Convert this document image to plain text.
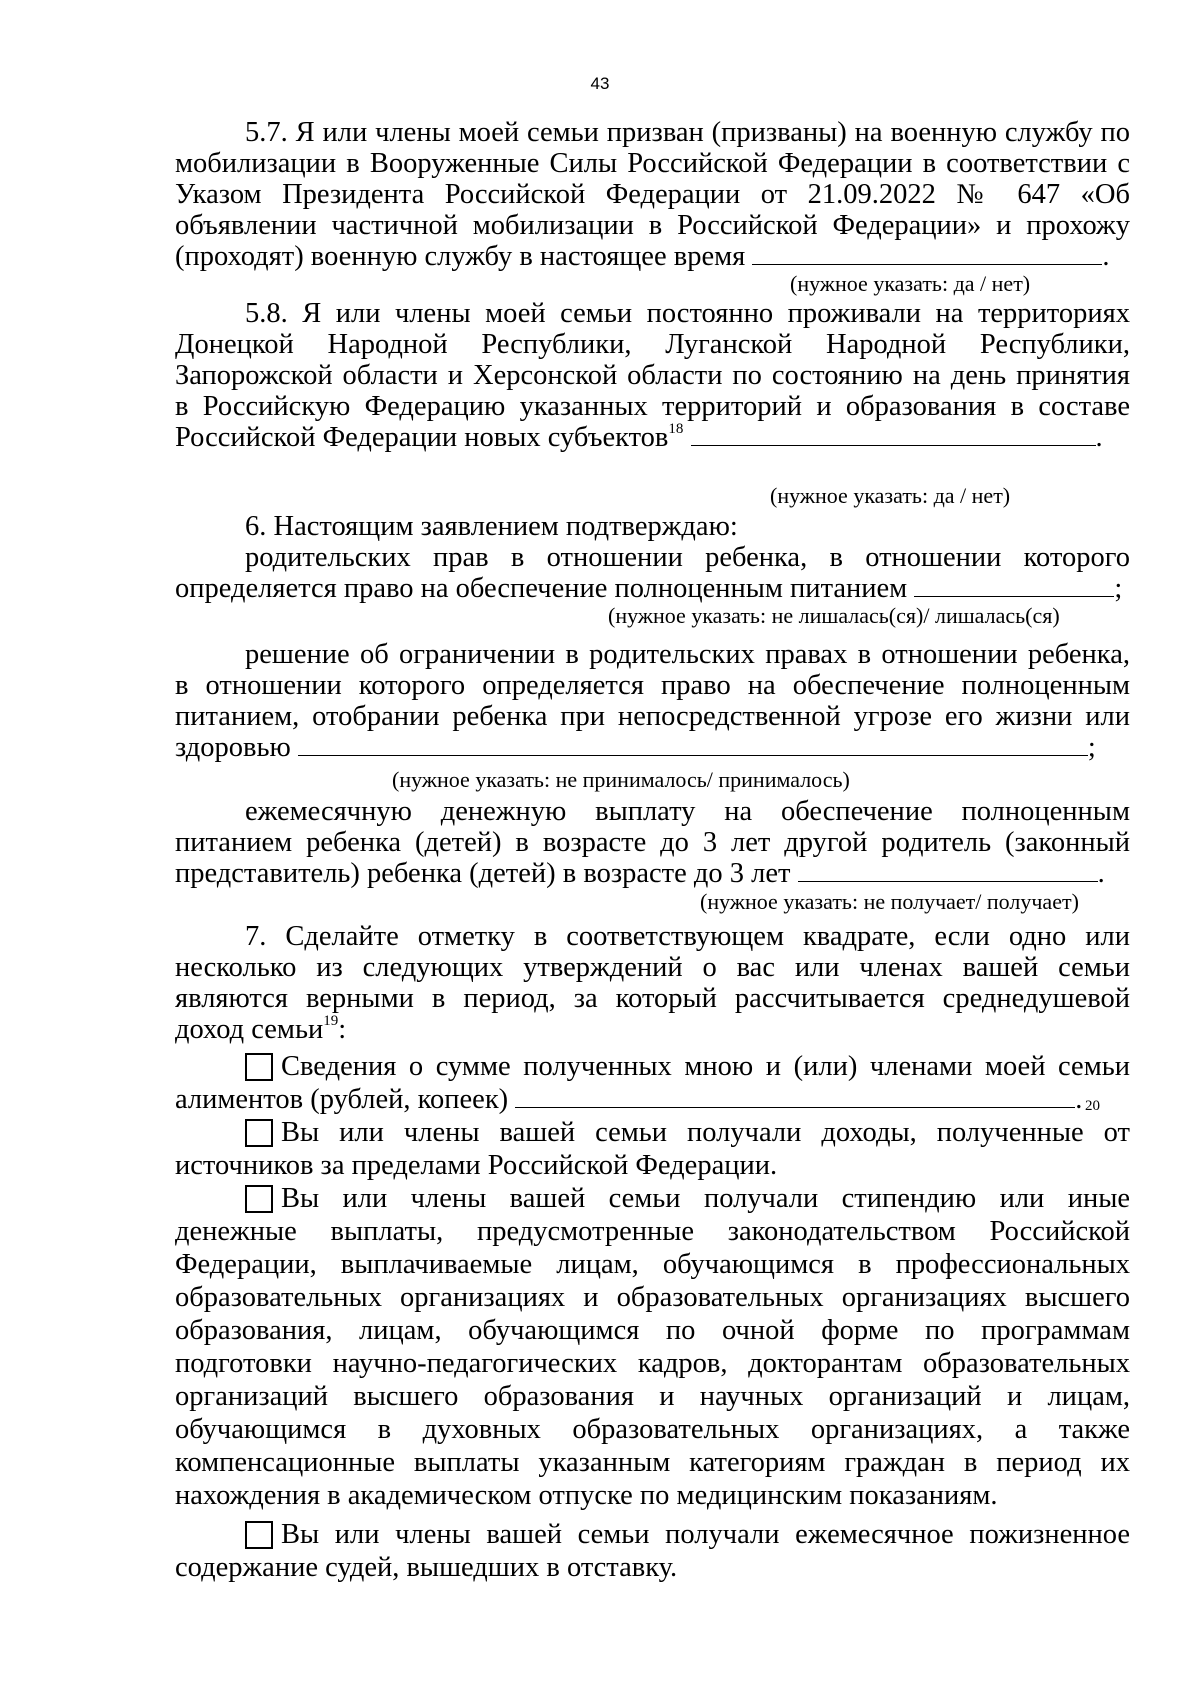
43
5.7. Я или члены моей семьи призван (призваны) на военную службу по
мобилизации в Вооруженные Силы Российской Федерации в соответствии с
Указом Президента Российской Федерации от 21.09.2022 № 647 «Об
объявлении частичной мобилизации в Российской Федерации» и прохожу
(проходят) военную службу в настоящее время	.
(нужное указать: да / нет)
5.8. Я или члены моей семьи постоянно проживали на территориях
Донецкой Народной Республики, Луганской Народной Республики,
Запорожской области и Херсонской области по состоянию на день принятия
в Российскую Федерацию указанных территорий и образования в составе
Российской Федерации новых субъектов$^{18}$	.
(нужное указать: да / нет)
6. Настоящим заявлением подтверждаю:
родительских прав в отношении ребенка, в отношении которого
определяется право на обеспечение полноценным питанием	;
(нужное указать: не лишалась(ся)/ лишалась(ся)
решение об ограничении в родительских правах в отношении ребенка,
в отношении которого определяется право на обеспечение полноценным
питанием, отобрании ребенка при непосредственной угрозе его жизни или
здоровью	;
(нужное указать: не принималось/ принималось)
ежемесячную денежную выплату на обеспечение полноценным
питанием ребенка (детей) в возрасте до 3 лет другой родитель (законный
представитель) ребенка (детей) в возрасте до 3 лет	.
(нужное указать: не получает/ получает)
7. Сделайте отметку в соответствующем квадрате, если одно или
несколько из следующих утверждений о вас или членах вашей семьи
являются верными в период, за который рассчитывается среднедушевой
доход семьи$^{19}$:
Сведения о сумме полученных мною и (или) членами моей семьи
алиментов (рублей, копеек)	. 20
Вы или члены вашей семьи получали доходы, полученные от
источников за пределами Российской Федерации.
Вы или члены вашей семьи получали стипендию или иные
денежные выплаты, предусмотренные законодательством Российской
Федерации, выплачиваемые лицам, обучающимся в профессиональных
образовательных организациях и образовательных организациях высшего
образования, лицам, обучающимся по очной форме по программам
подготовки научно-педагогических кадров, докторантам образовательных
организаций высшего образования и научных организаций и лицам,
обучающимся в духовных образовательных организациях, а также
компенсационные выплаты указанным категориям граждан в период их
нахождения в академическом отпуске по медицинским показаниям.
Вы или члены вашей семьи получали ежемесячное пожизненное
содержание судей, вышедших в отставку.
